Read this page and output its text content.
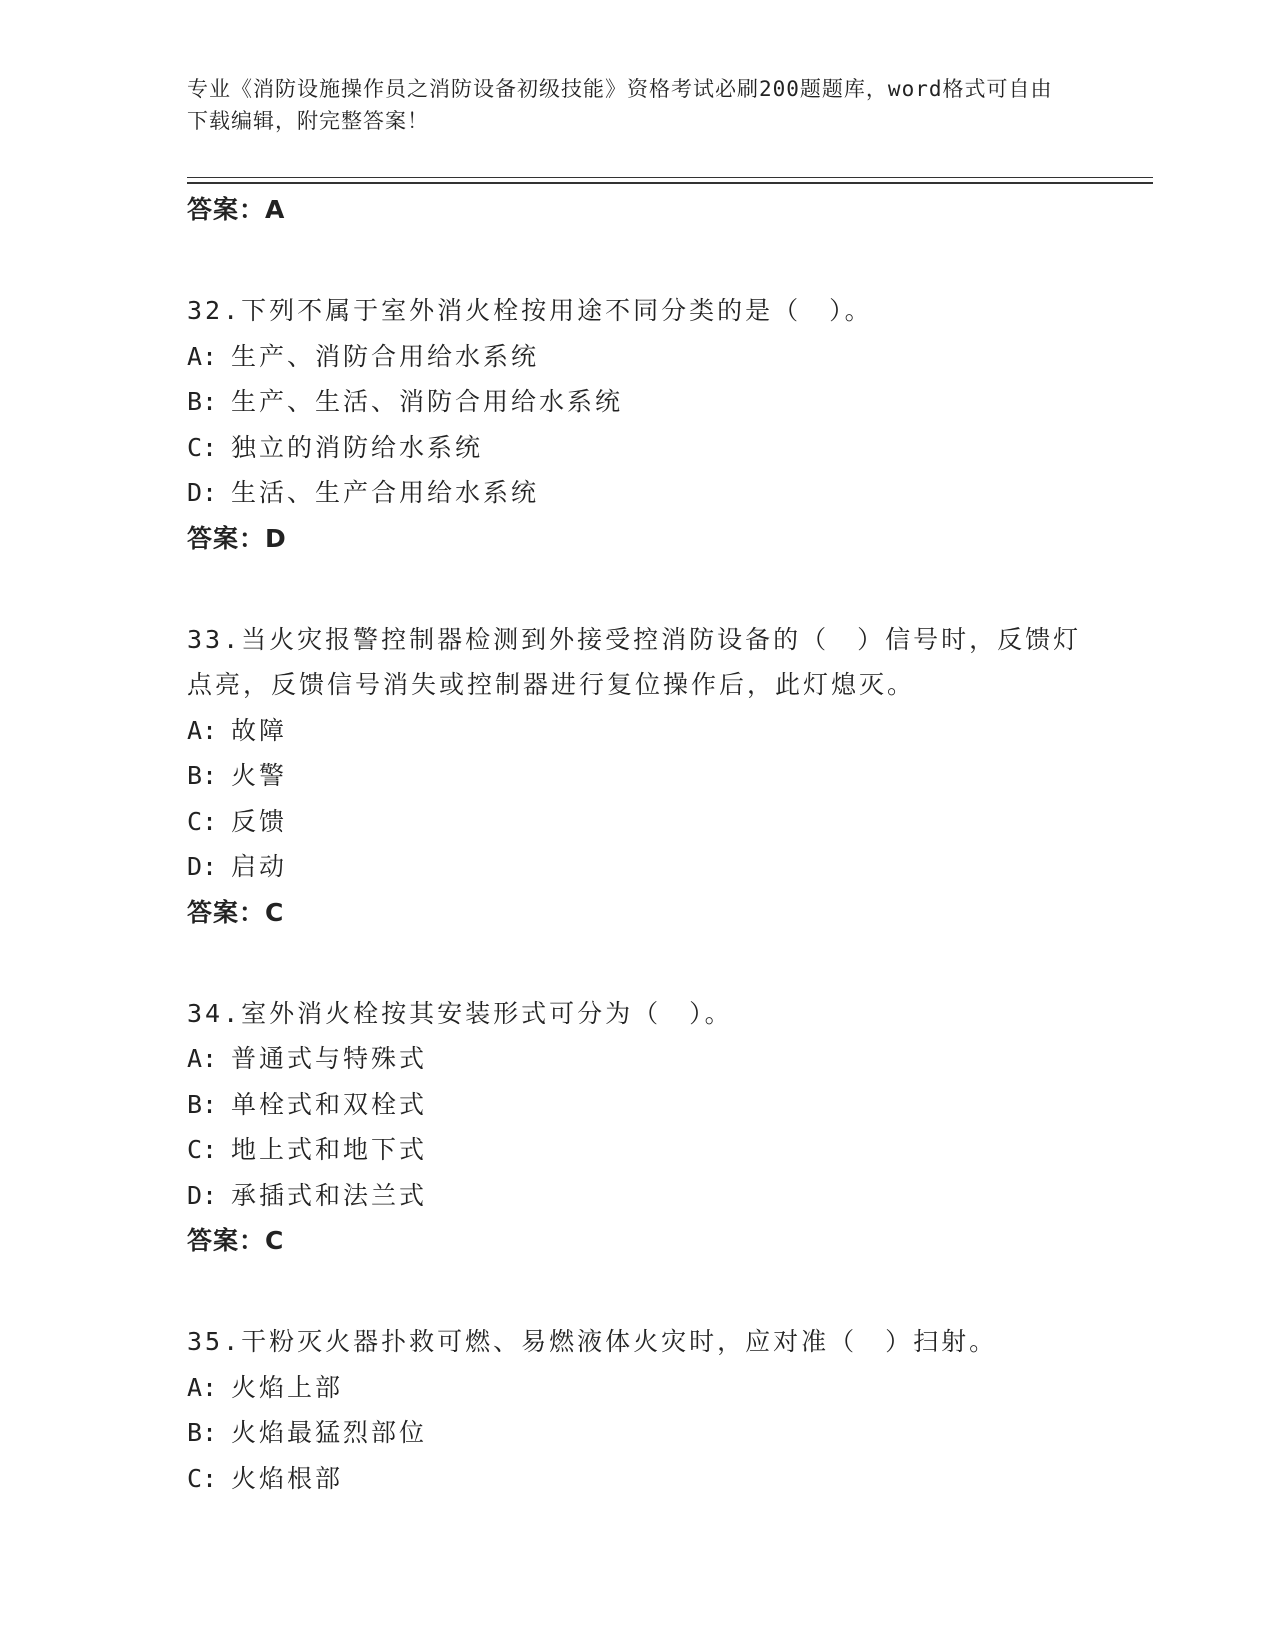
专业《消防设施操作员之消防设备初级技能》资格考试必刷200题题库，word格式可自由下载编辑，附完整答案！
答案：A
32.下列不属于室外消火栓按用途不同分类的是（　）。
A: 生产、消防合用给水系统
B: 生产、生活、消防合用给水系统
C: 独立的消防给水系统
D: 生活、生产合用给水系统
答案：D
33.当火灾报警控制器检测到外接受控消防设备的（　）信号时，反馈灯点亮，反馈信号消失或控制器进行复位操作后，此灯熄灭。
A: 故障
B: 火警
C: 反馈
D: 启动
答案：C
34.室外消火栓按其安装形式可分为（　）。
A: 普通式与特殊式
B: 单栓式和双栓式
C: 地上式和地下式
D: 承插式和法兰式
答案：C
35.干粉灭火器扑救可燃、易燃液体火灾时，应对准（　）扫射。
A: 火焰上部
B: 火焰最猛烈部位
C: 火焰根部
